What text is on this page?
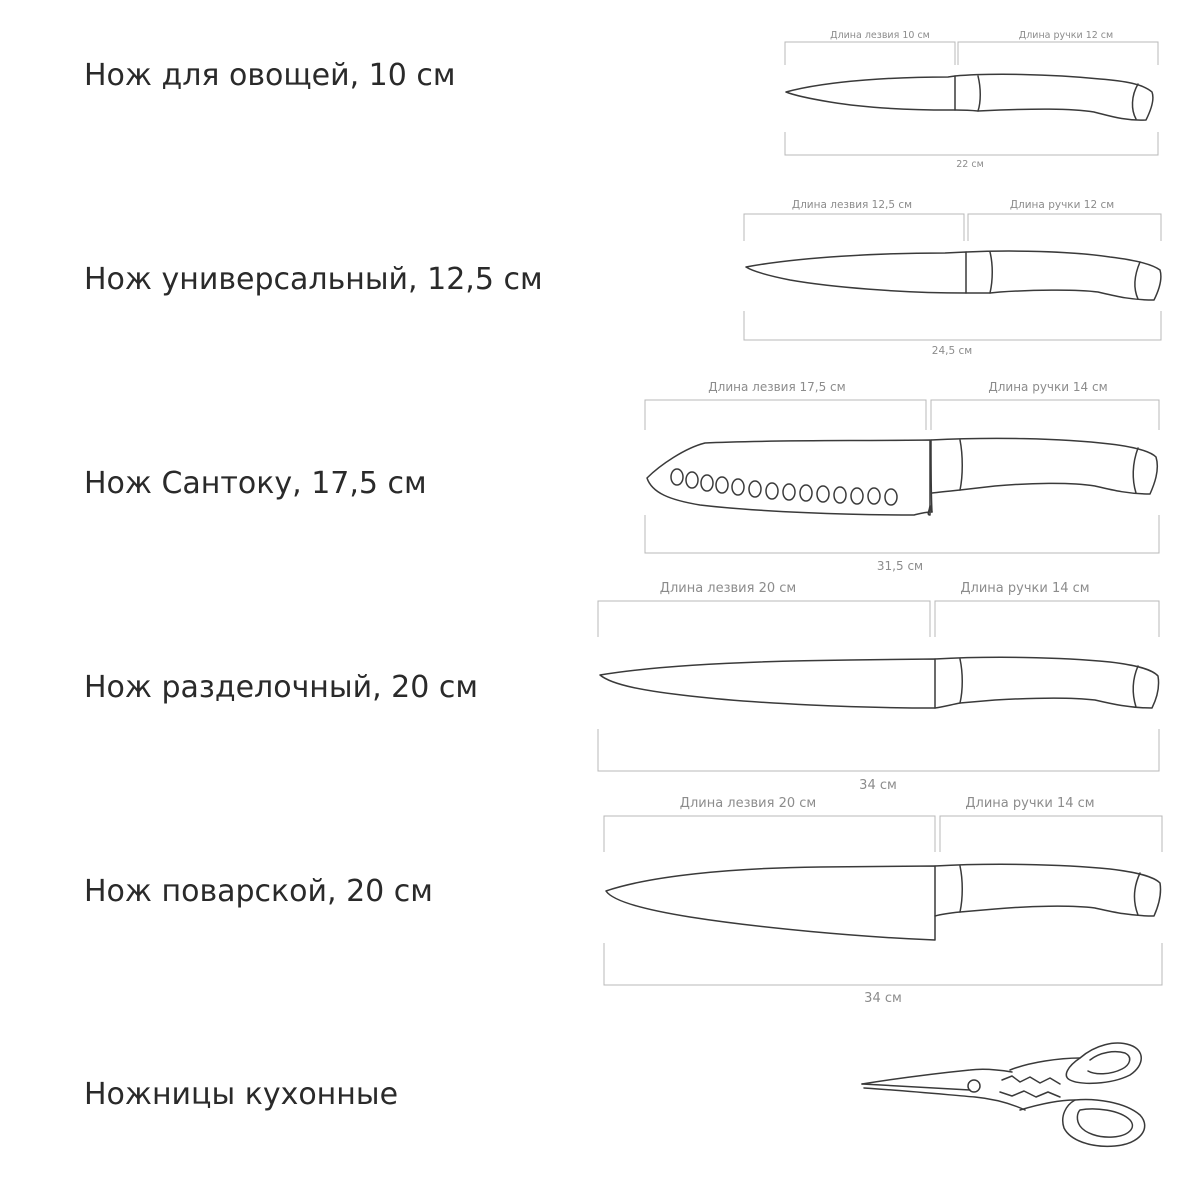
Нож для овощей, 10 см
Нож универсальный, 12,5 см
Нож Сантоку, 17,5 см
Нож разделочный, 20 см
Нож поварской, 20 см
Ножницы кухонные
Длина лезвия 10 см	Длина ручки 12 см
22 см
Длина лезвия 12,5 см	Длина ручки 12 см
24,5 см
Длина лезвия 17,5 см	Длина ручки 14 см
31,5 см
Длина лезвия 20 см	Длина ручки 14 см
34 см
Длина лезвия 20 см	Длина ручки 14 см
34 см
